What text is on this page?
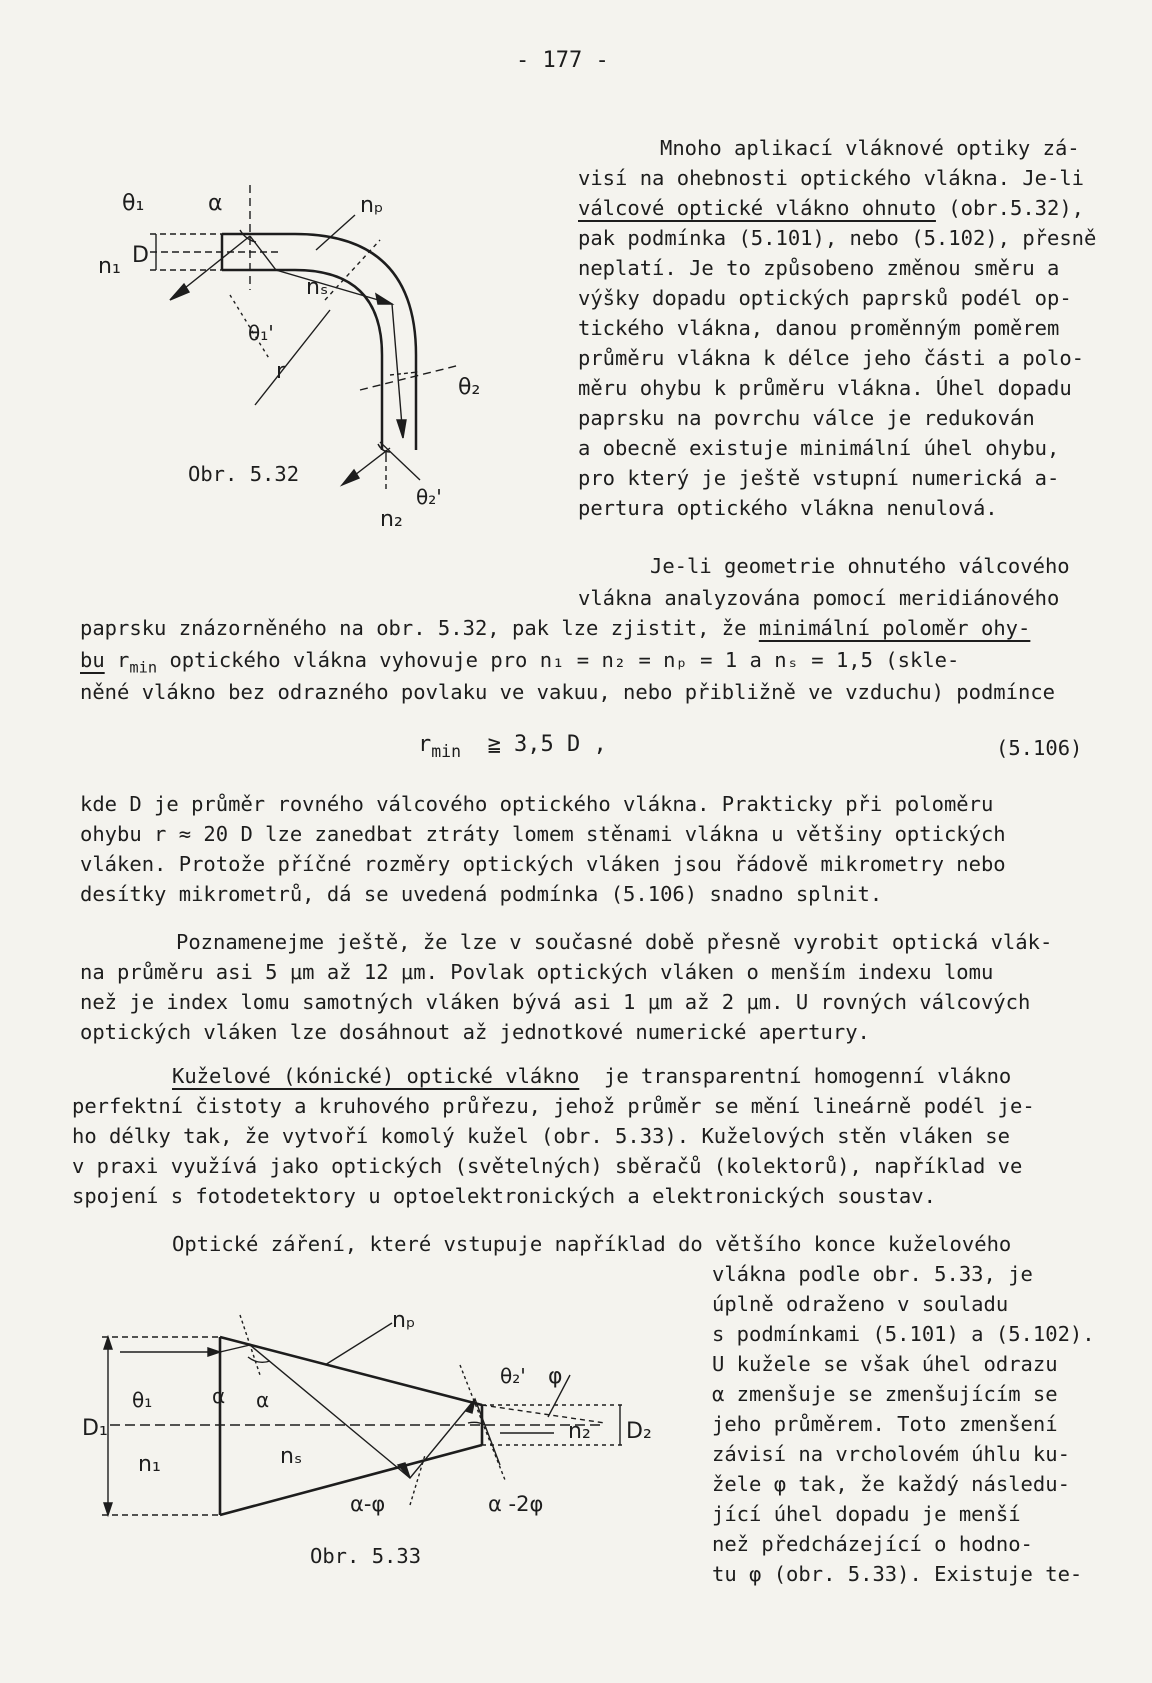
- 177 -
θ₁	α	nₚ
n₁ D
nₛ
θ₁'
r
θ₂
θ₂'
n₂
Obr. 5.32
Mnoho aplikací vláknové optiky zá-
visí na ohebnosti optického vlákna. Je-li
válcové optické vlákno ohnuto (obr.5.32),
pak podmínka (5.101), nebo (5.102), přesně
neplatí. Je to způsobeno změnou směru a
výšky dopadu optických paprsků podél op-
tického vlákna, danou proměnným poměrem
průměru vlákna k délce jeho části a polo-
měru ohybu k průměru vlákna. Úhel dopadu
paprsku na povrchu válce je redukován
a obecně existuje minimální úhel ohybu,
pro který je ještě vstupní numerická a-
pertura optického vlákna nenulová.
Je-li geometrie ohnutého válcového
vlákna analyzována pomocí meridiánového
paprsku znázorněného na obr. 5.32, pak lze zjistit, že minimální poloměr ohy-
bu $r_{min}$ optického vlákna vyhovuje pro n₁ = n₂ = nₚ = 1 a nₛ = 1,5 (skle-
něné vlákno bez odrazného povlaku ve vakuu, nebo přibližně ve vzduchu) podmínce
$r_{min}$ ≧ 3,5 D ,	(5.106)
kde D je průměr rovného válcového optického vlákna. Prakticky při poloměru
ohybu r ≈ 20 D lze zanedbat ztráty lomem stěnami vlákna u většiny optických
vláken. Protože příčné rozměry optických vláken jsou řádově mikrometry nebo
desítky mikrometrů, dá se uvedená podmínka (5.106) snadno splnit.
Poznamenejme ještě, že lze v současné době přesně vyrobit optická vlák-
na průměru asi 5 μm až 12 μm. Povlak optických vláken o menším indexu lomu
než je index lomu samotných vláken bývá asi 1 μm až 2 μm. U rovných válcových
optických vláken lze dosáhnout až jednotkové numerické apertury.
Kuželové (kónické) optické vlákno je transparentní homogenní vlákno
perfektní čistoty a kruhového průřezu, jehož průměr se mění lineárně podél je-
ho délky tak, že vytvoří komolý kužel (obr. 5.33). Kuželových stěn vláken se
v praxi využívá jako optických (světelných) sběračů (kolektorů), například ve
spojení s fotodetektory u optoelektronických a elektronických soustav.
Optické záření, které vstupuje například do většího konce kuželového
vlákna podle obr. 5.33, je
úplně odraženo v souladu
s podmínkami (5.101) a (5.102).
U kužele se však úhel odrazu
α zmenšuje se zmenšujícím se
jeho průměrem. Toto zmenšení
závisí na vrcholovém úhlu ku-
žele φ tak, že každý následu-
jící úhel dopadu je menší
než předcházející o hodno-
tu φ (obr. 5.33). Existuje te-
nₚ
θ₂' φ
D₁
θ₁	α α
n₁	nₛ
n₂ D₂
α-φ	α -2φ
Obr. 5.33
